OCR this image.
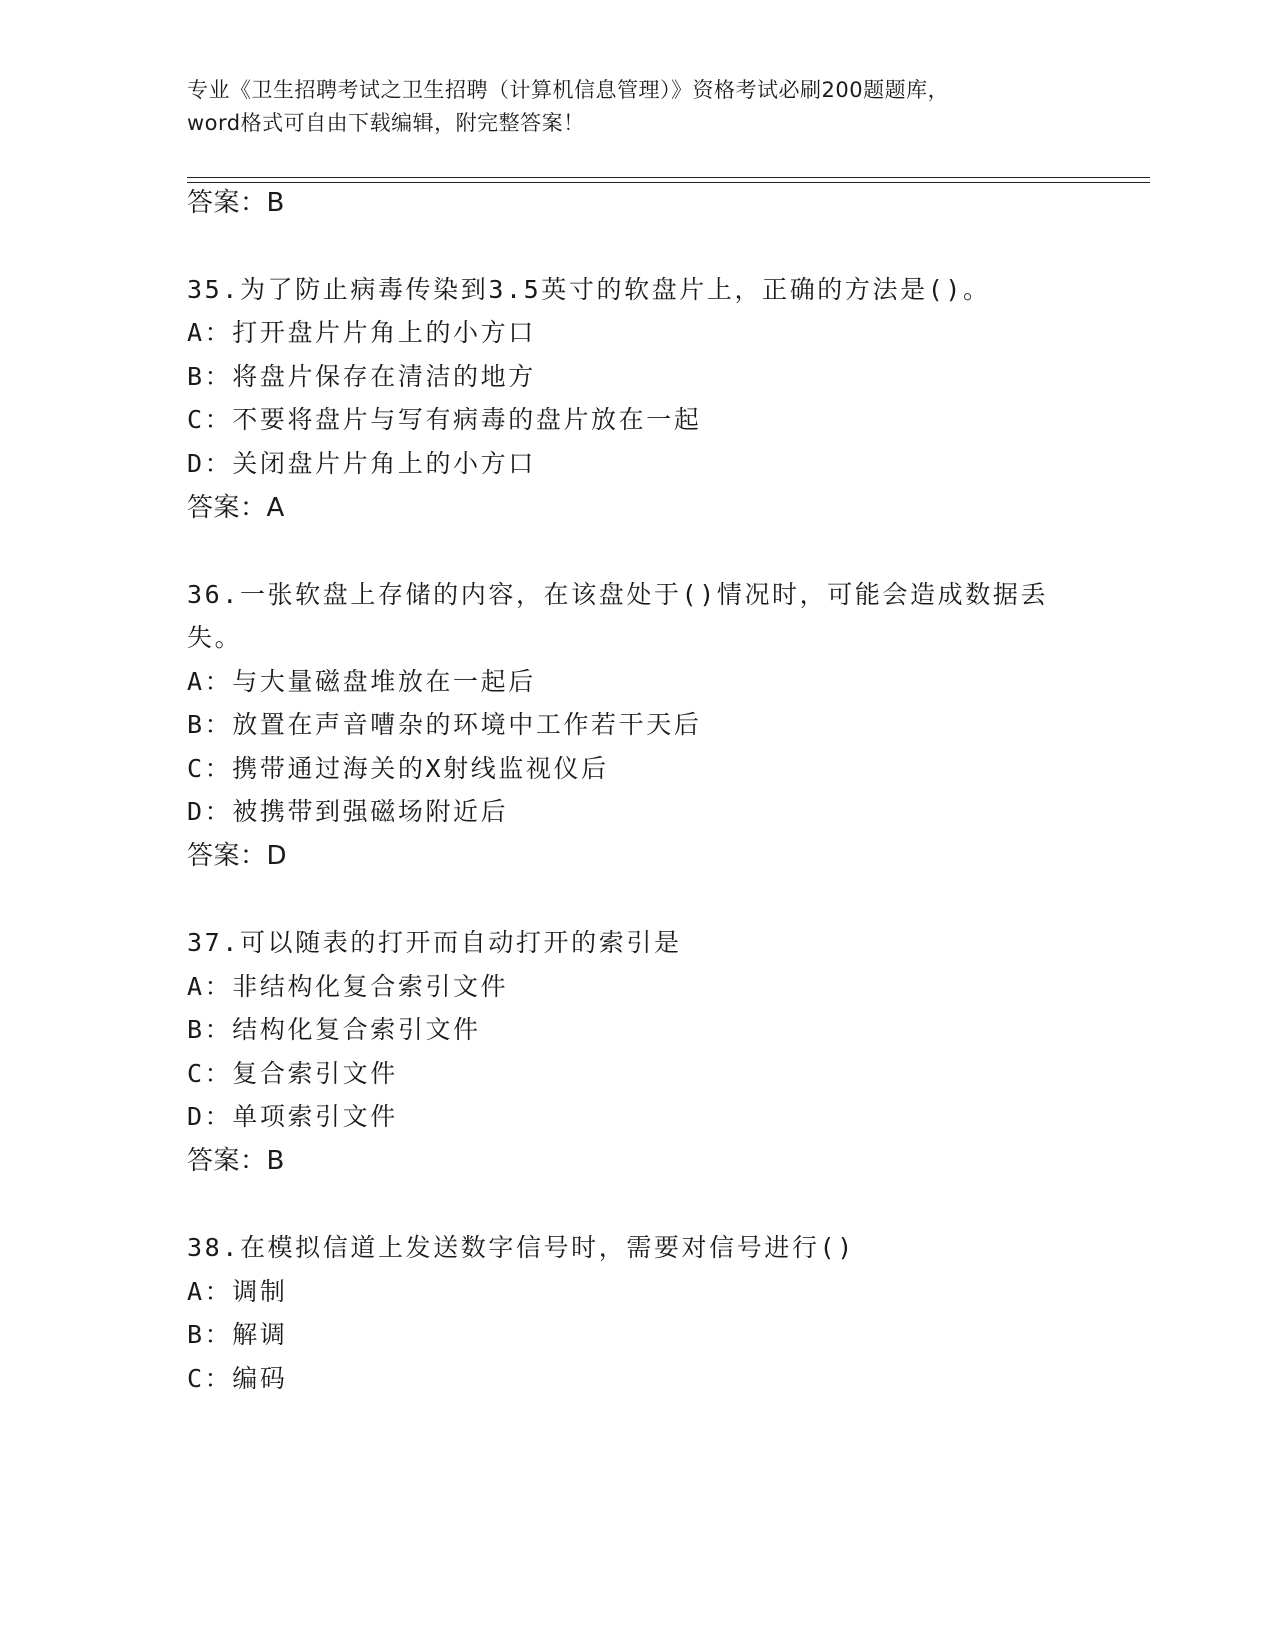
专业《卫生招聘考试之卫生招聘（计算机信息管理）》资格考试必刷200题题库，
word格式可自由下载编辑，附完整答案！
答案：B
35.为了防止病毒传染到3.5英寸的软盘片上，正确的方法是()。
A：打开盘片片角上的小方口
B：将盘片保存在清洁的地方
C：不要将盘片与写有病毒的盘片放在一起
D：关闭盘片片角上的小方口
答案：A
36.一张软盘上存储的内容，在该盘处于()情况时，可能会造成数据丢
失。
A：与大量磁盘堆放在一起后
B：放置在声音嘈杂的环境中工作若干天后
C：携带通过海关的X射线监视仪后
D：被携带到强磁场附近后
答案：D
37.可以随表的打开而自动打开的索引是
A：非结构化复合索引文件
B：结构化复合索引文件
C：复合索引文件
D：单项索引文件
答案：B
38.在模拟信道上发送数字信号时，需要对信号进行()
A：调制
B：解调
C：编码
